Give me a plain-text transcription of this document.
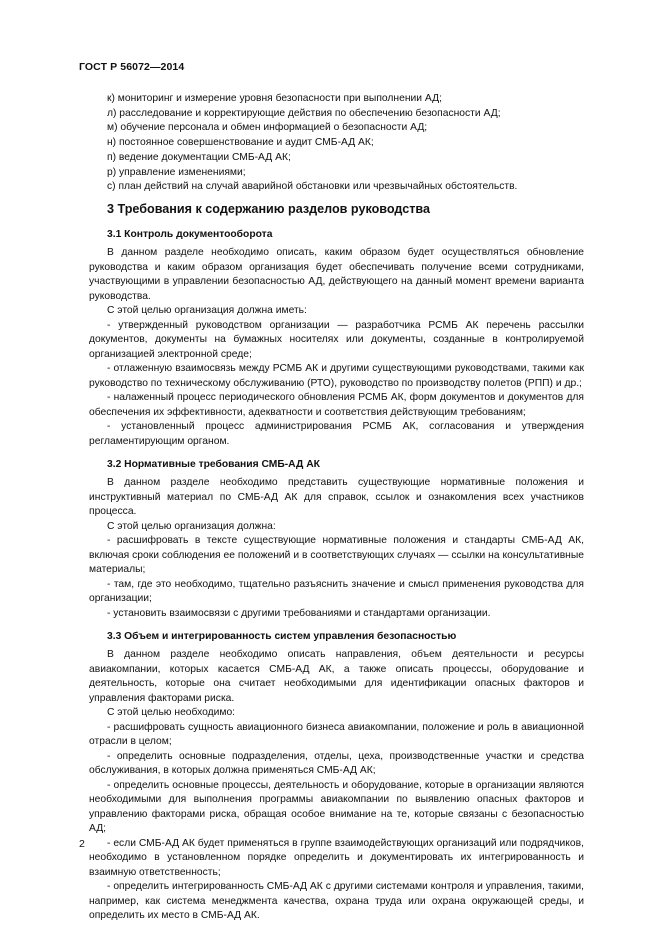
ГОСТ Р 56072—2014

к) мониторинг и измерение уровня безопасности при выполнении АД;

л) расследование и корректирующие действия по обеспечению безопасности АД;

м) обучение персонала и обмен информацией о безопасности АД;

н) постоянное совершенствование и аудит СМБ-АД АК;

п) ведение документации СМБ-АД АК;

р) управление изменениями;

с) план действий на случай аварийной обстановки или чрезвычайных обстоятельств.

3 Требования к содержанию разделов руководства
3.1 Контроль документооборота

В данном разделе необходимо описать, каким образом будет осуществляться обновление руководства и каким образом организация будет обеспечивать получение всеми сотрудниками, участвующими в управлении безопасностью АД, действующего на данный момент времени варианта руководства.

С этой целью организация должна иметь:

- утвержденный руководством организации — разработчика РСМБ АК перечень рассылки документов, документы на бумажных носителях или документы, созданные в контролируемой организацией электронной среде;

- отлаженную взаимосвязь между РСМБ АК и другими существующими руководствами, такими как руководство по техническому обслуживанию (РТО), руководство по производству полетов (РПП) и др.;

- налаженный процесс периодического обновления РСМБ АК, форм документов и документов для обеспечения их эффективности, адекватности и соответствия действующим требованиям;

- установленный процесс администрирования РСМБ АК, согласования и утверждения регламентирующим органом.

3.2 Нормативные требования СМБ-АД АК

В данном разделе необходимо представить существующие нормативные положения и инструктивный материал по СМБ-АД АК для справок, ссылок и ознакомления всех участников процесса.

С этой целью организация должна:

- расшифровать в тексте существующие нормативные положения и стандарты СМБ-АД АК, включая сроки соблюдения ее положений и в соответствующих случаях — ссылки на консультативные материалы;

- там, где это необходимо, тщательно разъяснить значение и смысл применения руководства для организации;

- установить взаимосвязи с другими требованиями и стандартами организации.

3.3 Объем и интегрированность систем управления безопасностью

В данном разделе необходимо описать направления, объем деятельности и ресурсы авиакомпании, которых касается СМБ-АД АК, а также описать процессы, оборудование и деятельность, которые она считает необходимыми для идентификации опасных факторов и управления факторами риска.

С этой целью необходимо:

- расшифровать сущность авиационного бизнеса авиакомпании, положение и роль в авиационной отрасли в целом;

- определить основные подразделения, отделы, цеха, производственные участки и средства обслуживания, в которых должна применяться СМБ-АД АК;

- определить основные процессы, деятельность и оборудование, которые в организации являются необходимыми для выполнения программы авиакомпании по выявлению опасных факторов и управлению факторами риска, обращая особое внимание на те, которые связаны с безопасностью АД;

- если СМБ-АД АК будет применяться в группе взаимодействующих организаций или подрядчиков, необходимо в установленном порядке определить и документировать их интегрированность и взаимную ответственность;

- определить интегрированность СМБ-АД АК с другими системами контроля и управления, такими, например, как система менеджмента качества, охрана труда или охрана окружающей среды, и определить их место в СМБ-АД АК.

2
